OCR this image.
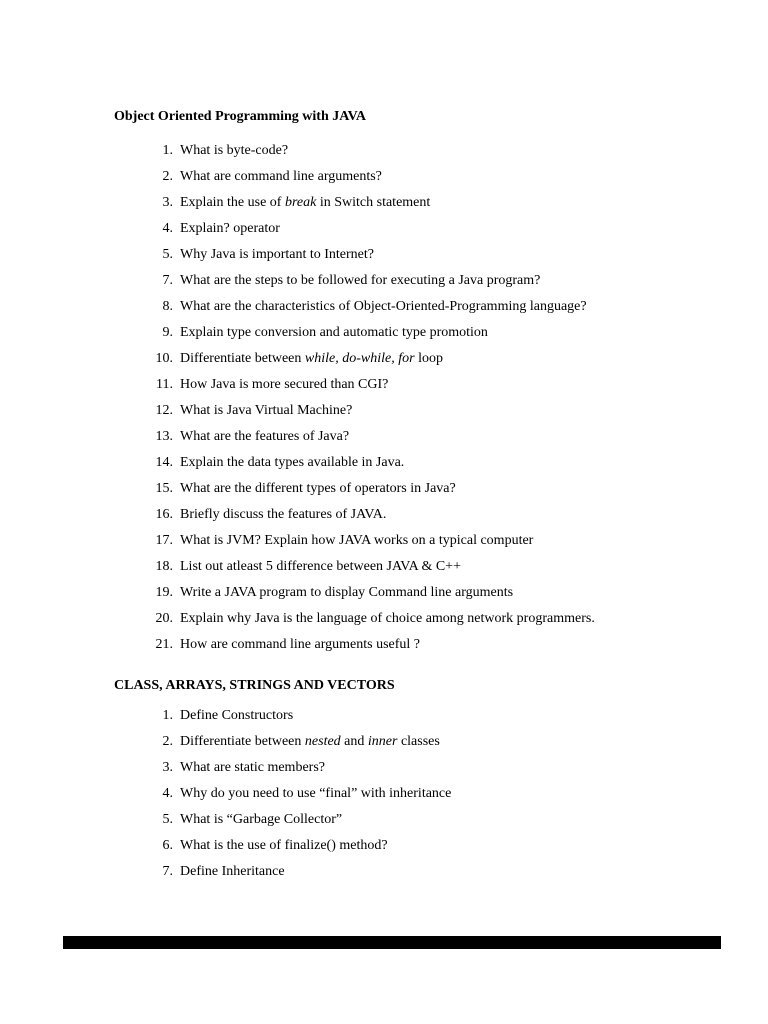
Object Oriented Programming with JAVA
1. What is byte-code?
2. What are command line arguments?
3. Explain the use of break in Switch statement
4. Explain? operator
5. Why Java is important to Internet?
7. What are the steps to be followed for executing a Java program?
8. What are the characteristics of Object-Oriented-Programming language?
9. Explain type conversion and automatic type promotion
10. Differentiate between while, do-while, for loop
11. How Java is more secured than CGI?
12. What is Java Virtual Machine?
13. What are the features of Java?
14. Explain the data types available in Java.
15. What are the different types of operators in Java?
16. Briefly discuss the features of JAVA.
17. What is JVM? Explain how JAVA works on a typical computer
18. List out atleast 5 difference between JAVA & C++
19. Write a JAVA program to display Command line arguments
20. Explain why Java is the language of choice among network programmers.
21. How are command line arguments useful ?
CLASS, ARRAYS, STRINGS AND VECTORS
1. Define Constructors
2. Differentiate between nested and inner classes
3. What are static members?
4. Why do you need to use “final” with inheritance
5. What is “Garbage Collector”
6. What is the use of finalize() method?
7. Define Inheritance
